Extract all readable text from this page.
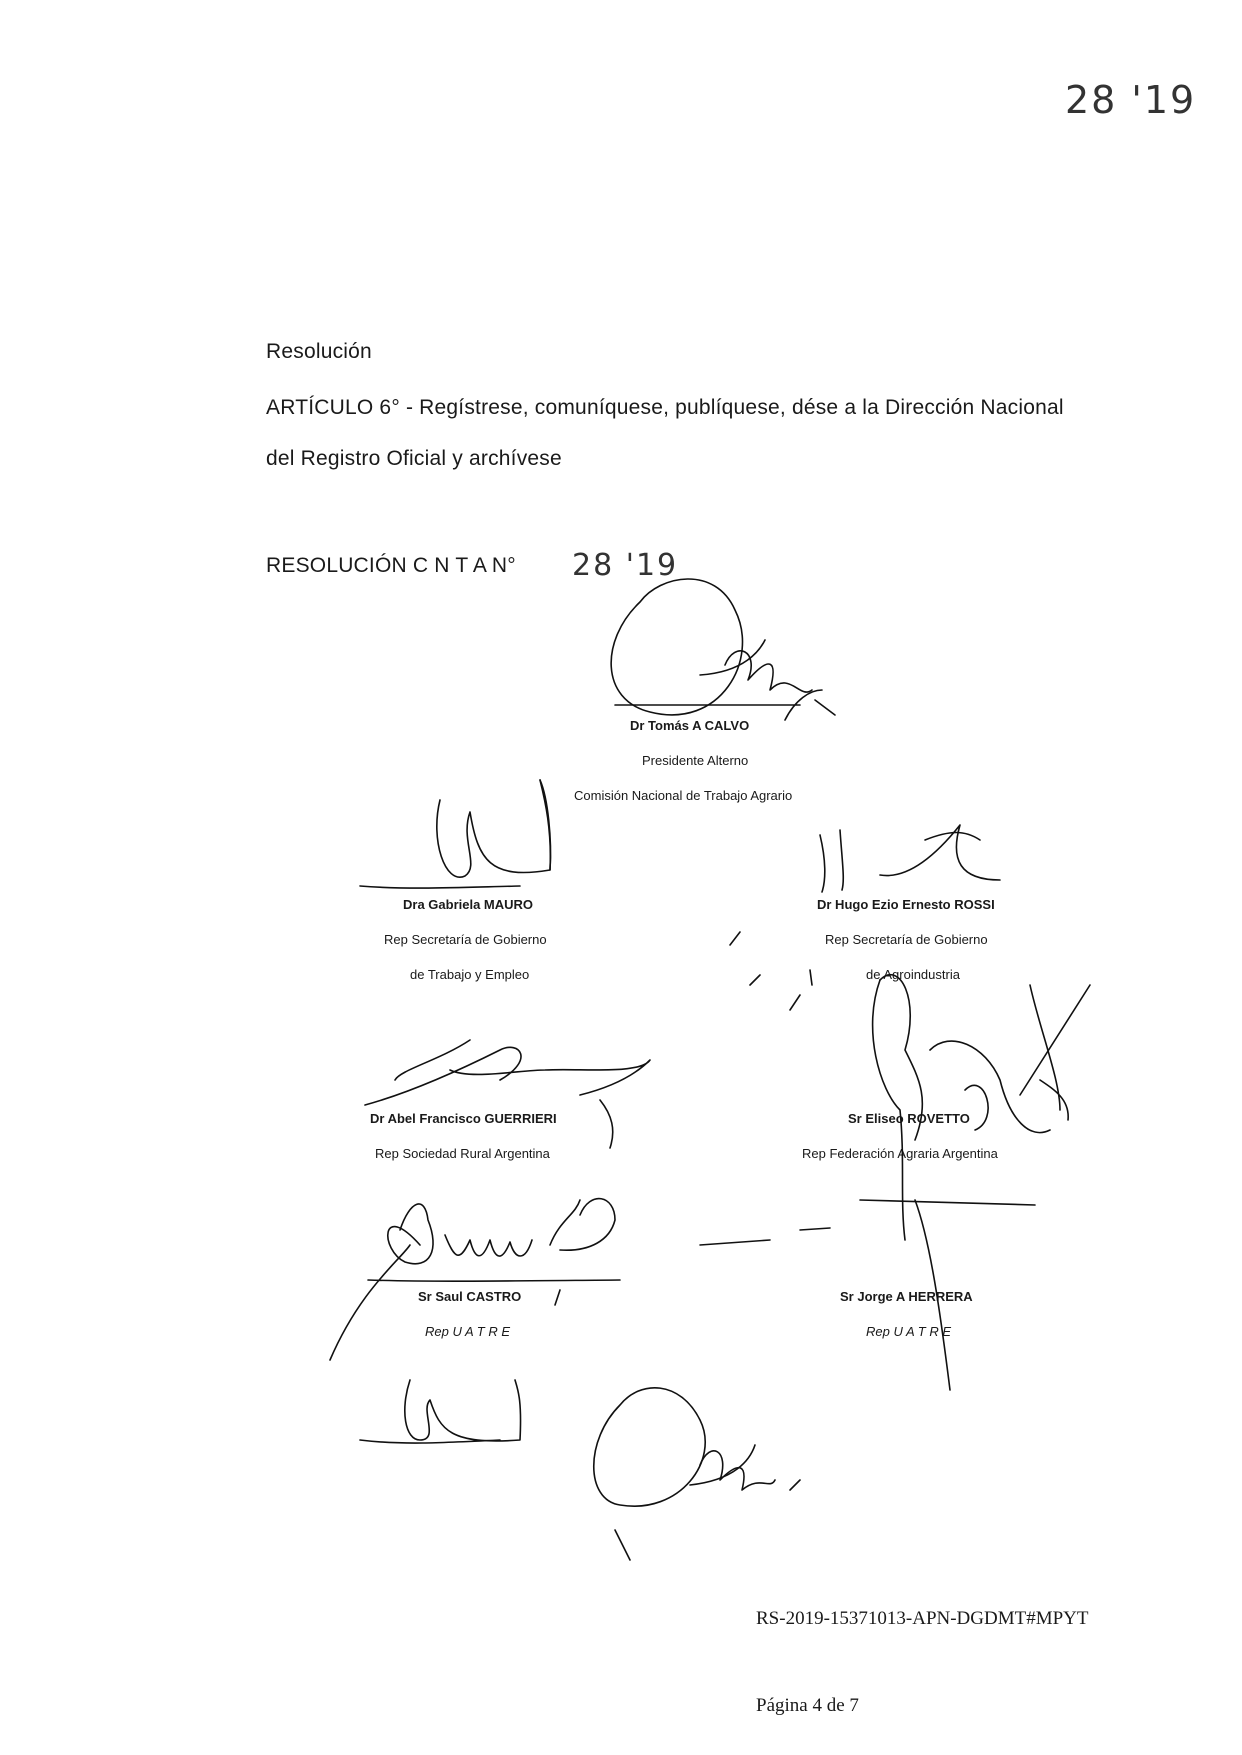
28 '19
Resolución
ARTÍCULO 6° - Regístrese, comuníquese, publíquese, dése a la Dirección Nacional
del Registro Oficial y archívese
RESOLUCIÓN C N T A N° 28 '19
Dr Tomás A CALVO
Presidente Alterno
Comisión Nacional de Trabajo Agrario
Dra Gabriela MAURO
Rep Secretaría de Gobierno
de Trabajo y Empleo
Dr Hugo Ezio Ernesto ROSSI
Rep Secretaría de Gobierno
de Agroindustria
Dr Abel Francisco GUERRIERI
Rep Sociedad Rural Argentina
Sr Eliseo ROVETTO
Rep Federación Agraria Argentina
Sr Saul CASTRO
Rep U A T R E
Sr Jorge A HERRERA
Rep U A T R E
RS-2019-15371013-APN-DGDMT#MPYT
Página 4 de 7
